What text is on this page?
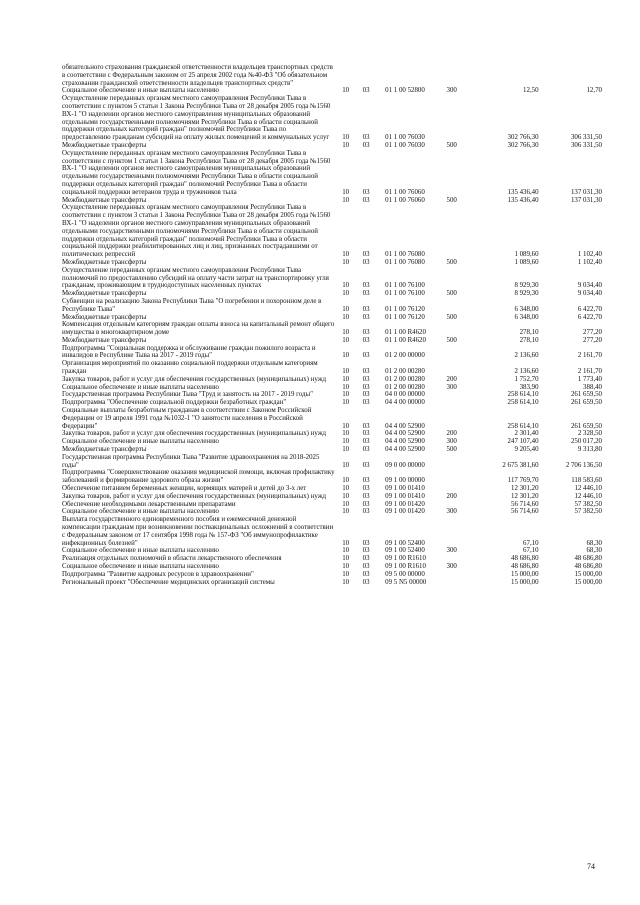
обязательного страхования гражданской ответственности владельцев транспортных средств в соответствии с Федеральным законом от 25 апреля 2002 года №40-ФЗ "Об обязательном страховании гражданской ответственности владельцев транспортных средств"						
Социальное обеспечение и иные выплаты населению	10	03	01 1 00 52800	300	12,50	12,70
Осуществление переданных органам местного самоуправления Республики Тыва в соответствии с пунктом 5 статьи 1 Закона Республики Тыва от 28 декабря 2005 года №1560 ВХ-1 "О наделении органов местного самоуправления муниципальных образований отдельными государственными полномочиями Республики Тыва в области социальной поддержки отдельных категорий граждан" полномочий Республики Тыва по предоставлению гражданам субсидий на оплату жилых помещений и коммунальных услуг	10	03	01 1 00 76030		302 766,30	306 331,50
Межбюджетные трансферты	10	03	01 1 00 76030	500	302 766,30	306 331,50
Осуществление переданных органам местного самоуправления Республики Тыва в соответствии с пунктом 1 статьи 1 Закона Республики Тыва от 28 декабря 2005 года №1560 ВХ-1 "О наделении органов местного самоуправления муниципальных образований отдельными государственными полномочиями Республики Тыва в области социальной поддержки отдельных категорий граждан" полномочий Республики Тыва в области социальной поддержки ветеранов труда и тружеников тыла	10	03	01 1 00 76060		135 436,40	137 031,30
Межбюджетные трансферты	10	03	01 1 00 76060	500	135 436,40	137 031,30
Осуществление переданных органам местного самоуправления Республики Тыва в соответствии с пунктом 3 статьи 1 Закона Республики Тыва от 28 декабря 2005 года №1560 ВХ-1 "О наделении органов местного самоуправления муниципальных образований отдельными государственными полномочиями Республики Тыва в области социальной поддержки отдельных категорий граждан" полномочий Республики Тыва в области социальной поддержки реабилитированных лиц и лиц, признанных пострадавшими от политических репрессий	10	03	01 1 00 76080		1 089,60	1 102,40
Межбюджетные трансферты	10	03	01 1 00 76080	500	1 089,60	1 102,40
Осуществление переданных органам местного самоуправления Республики Тыва полномочий по предоставлению субсидий на оплату части затрат на транспортировку угля гражданам, проживающим в труднодоступных населенных пунктах	10	03	01 1 00 76100		8 929,30	9 034,40
Межбюджетные трансферты	10	03	01 1 00 76100	500	8 929,30	9 034,40
Субвенции на реализацию Закона Республики Тыва "О погребении и похоронном деле в Республике Тыва"	10	03	01 1 00 76120		6 348,00	6 422,70
Межбюджетные трансферты	10	03	01 1 00 76120	500	6 348,00	6 422,70
Компенсация отдельным категориям граждан оплаты взноса на капитальный ремонт общего имущества в многоквартирном доме	10	03	01 1 00 R4620		278,10	277,20
Межбюджетные трансферты	10	03	01 1 00 R4620	500	278,10	277,20
Подпрограмма "Социальная поддержка и обслуживание граждан пожилого возраста и инвалидов в Республике Тыва на 2017 - 2019 годы"	10	03	01 2 00 00000		2 136,60	2 161,70
Организация мероприятий по оказанию социальной поддержки отдельным категориям граждан	10	03	01 2 00 00280		2 136,60	2 161,70
Закупка товаров, работ и услуг для обеспечения государственных (муниципальных) нужд	10	03	01 2 00 00280	200	1 752,70	1 773,40
Социальное обеспечение и иные выплаты населению	10	03	01 2 00 00280	300	383,90	388,40
Государственная программа Республики Тыва "Труд и занятость на 2017 - 2019 годы"	10	03	04 0 00 00000		258 614,10	261 659,50
Подпрограмма "Обеспечение социальной поддержки безработных граждан"	10	03	04 4 00 00000		258 614,10	261 659,50
Социальные выплаты безработным гражданам в соответствии с Законом Российской Федерации от 19 апреля 1991 года №1032-1 "О занятости населения в Российской Федерации"	10	03	04 4 00 52900		258 614,10	261 659,50
Закупка товаров, работ и услуг для обеспечения государственных (муниципальных) нужд	10	03	04 4 00 52900	200	2 301,40	2 328,50
Социальное обеспечение и иные выплаты населению	10	03	04 4 00 52900	300	247 107,40	250 017,20
Межбюджетные трансферты	10	03	04 4 00 52900	500	9 205,40	9 313,80
Государственная программа Республики Тыва "Развитие здравоохранения на 2018-2025 годы"	10	03	09 0 00 00000		2 675 381,60	2 706 136,50
Подпрограмма "Совершенствование оказания медицинской помощи, включая профилактику заболеваний и формирование здорового образа жизни"	10	03	09 1 00 00000		117 769,70	118 583,60
Обеспечение питанием беременных женщин, кормящих матерей и детей до 3-х лет	10	03	09 1 00 01410		12 301,20	12 446,10
Закупка товаров, работ и услуг для обеспечения государственных (муниципальных) нужд	10	03	09 1 00 01410	200	12 301,20	12 446,10
Обеспечение необходимыми лекарственными препаратами	10	03	09 1 00 01420		56 714,60	57 382,50
Социальное обеспечение и иные выплаты населению	10	03	09 1 00 01420	300	56 714,60	57 382,50
Выплата государственного единовременного пособия и ежемесячной денежной компенсации гражданам при возникновении поствакцинальных осложнений в соответствии с Федеральным законом от 17 сентября 1998 года № 157-ФЗ "Об иммунопрофилактике инфекционных болезней"	10	03	09 1 00 52400		67,10	68,30
Социальное обеспечение и иные выплаты населению	10	03	09 1 00 52400	300	67,10	68,30
Реализация отдельных полномочий в области лекарственного обеспечения	10	03	09 1 00 R1610		48 686,80	48 686,80
Социальное обеспечение и иные выплаты населению	10	03	09 1 00 R1610	300	48 686,80	48 686,80
Подпрограмма "Развитие кадровых ресурсов в здравоохранении"	10	03	09 5 00 00000		15 000,00	15 000,00
Региональный проект "Обеспечение медицинских организаций системы	10	03	09 5 N5 00000		15 000,00	15 000,00
74
